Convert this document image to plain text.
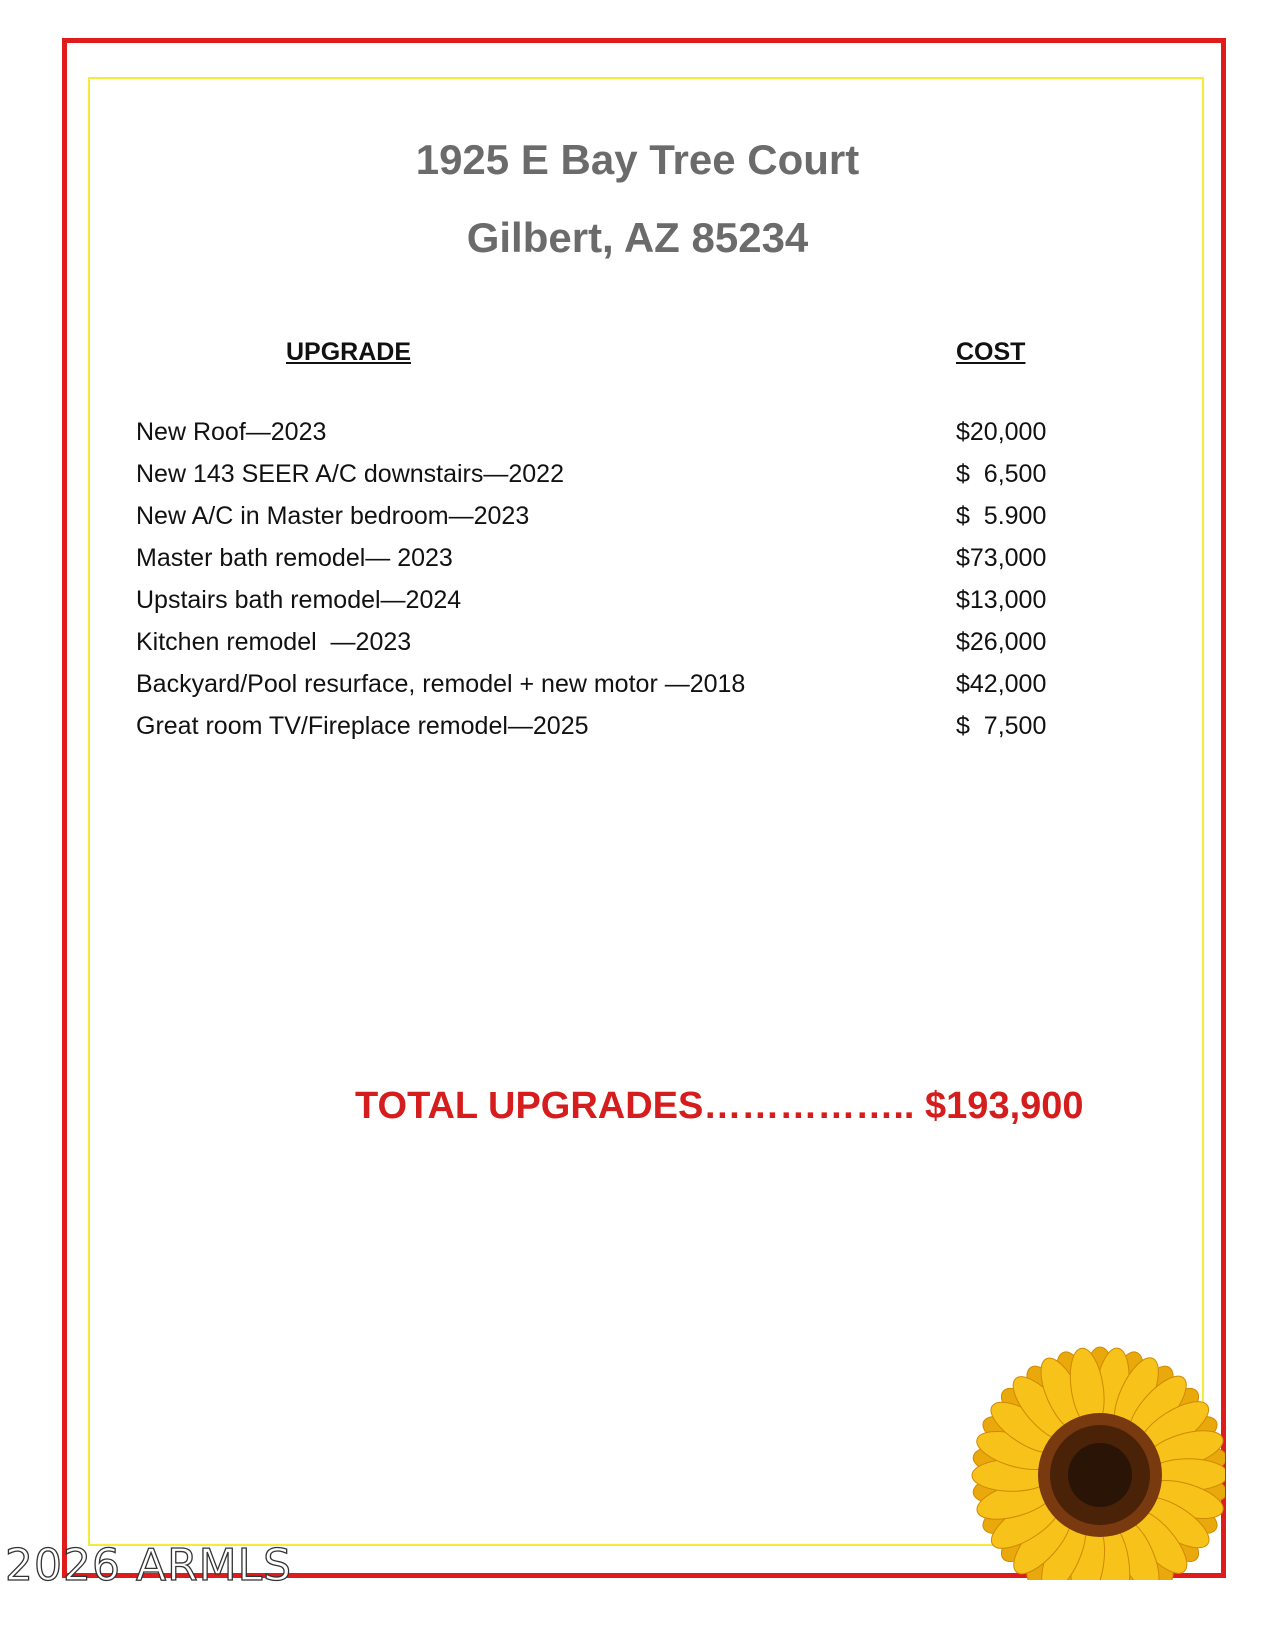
1925 E Bay Tree Court
Gilbert, AZ 85234
UPGRADE	COST
New Roof—2023	$20,000
New 143 SEER A/C downstairs—2022	$  6,500
New A/C in Master bedroom—2023	$  5.900
Master bath remodel— 2023	$73,000
Upstairs bath remodel—2024	$13,000
Kitchen remodel  —2023	$26,000
Backyard/Pool resurface, remodel + new motor —2018	$42,000
Great room TV/Fireplace remodel—2025	$  7,500
TOTAL UPGRADES…………….. $193,900
2026 ARMLS
